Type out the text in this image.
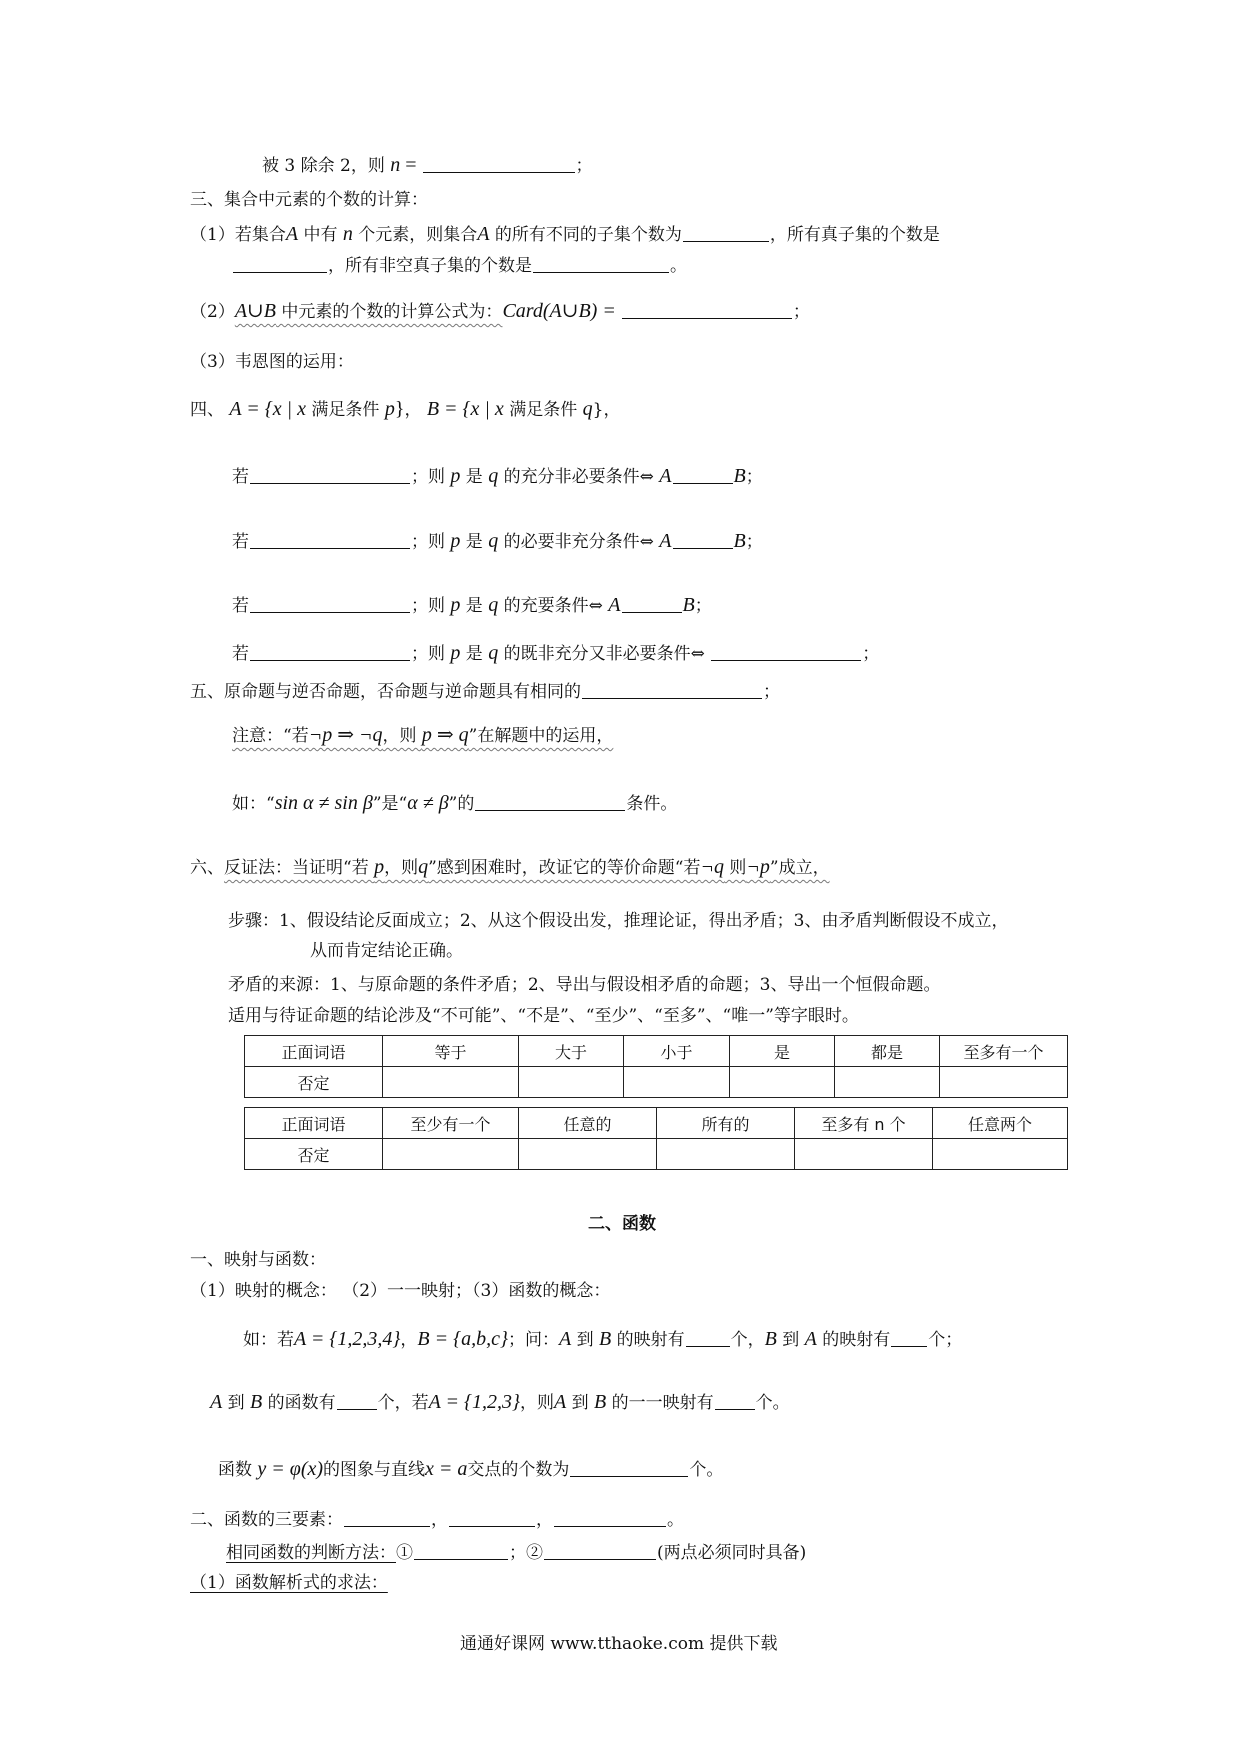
被 3 除余 2，则 n =	；
三、集合中元素的个数的计算：
（1）若集合A 中有 n 个元素，则集合A 的所有不同的子集个数为	，所有真子集的个数是
，所有非空真子集的个数是	。
（2）A∪B 中元素的个数的计算公式为：Card(A∪B) =	；
（3）韦恩图的运用：
四、 A = {x | x 满足条件 p}， B = {x | x 满足条件 q}，
若	；则 p 是 q 的充分非必要条件⇔ A	B；
若	；则 p 是 q 的必要非充分条件⇔ A	B；
若	；则 p 是 q 的充要条件⇔ A	B；
若	；则 p 是 q 的既非充分又非必要条件⇔	；
五、原命题与逆否命题，否命题与逆命题具有相同的	；
注意：“若¬p ⇒ ¬q，则 p ⇒ q”在解题中的运用，
如：“sin α ≠ sin β”是“α ≠ β”的	条件。
六、反证法：当证明“若 p，则q”感到困难时，改证它的等价命题“若¬q 则¬p”成立，
步骤：1、假设结论反面成立；2、从这个假设出发，推理论证，得出矛盾；3、由矛盾判断假设不成立，
从而肯定结论正确。
矛盾的来源：1、与原命题的条件矛盾；2、导出与假设相矛盾的命题；3、导出一个恒假命题。
适用与待证命题的结论涉及“不可能”、“不是”、“至少”、“至多”、“唯一”等字眼时。
正面词语	等于	大于	小于	是	都是	至多有一个
否定						
正面词语	至少有一个	任意的	所有的	至多有 n 个	任意两个
否定					
二、函数
一、映射与函数：
（1）映射的概念： （2）一一映射；（3）函数的概念：
如：若A = {1,2,3,4}，B = {a,b,c}；问：A 到 B 的映射有	个，B 到 A 的映射有 个；
A 到 B 的函数有 个，若A = {1,2,3}，则A 到 B 的一一映射有 个。
函数 y = φ(x)的图象与直线x = a交点的个数为	个。
二、函数的三要素：	，	，	。
相同函数的判断方法：①	；②	(两点必须同时具备)
（1）函数解析式的求法：
通通好课网 www.tthaoke.com 提供下载
